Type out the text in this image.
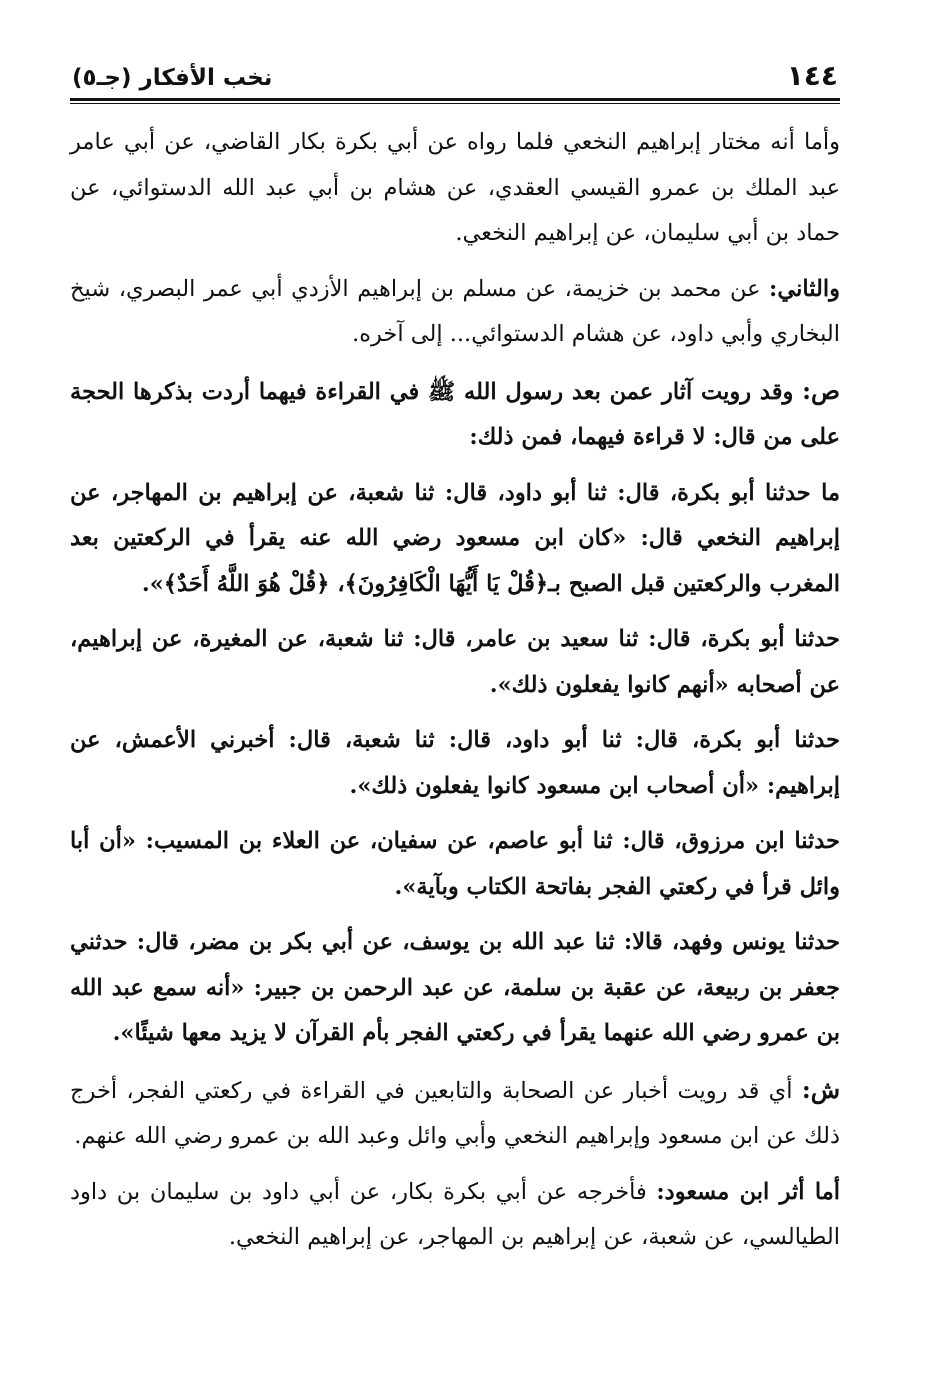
١٤٤
نخب الأفكار (جـ٥)

وأما أنه مختار إبراهيم النخعي فلما رواه عن أبي بكرة بكار القاضي، عن أبي عامر عبد الملك بن عمرو القيسي العقدي، عن هشام بن أبي عبد الله الدستوائي، عن حماد بن أبي سليمان، عن إبراهيم النخعي.

والثاني: عن محمد بن خزيمة، عن مسلم بن إبراهيم الأزدي أبي عمر البصري، شيخ البخاري وأبي داود، عن هشام الدستوائي... إلى آخره.

ص: وقد رويت آثار عمن بعد رسول الله ﷺ في القراءة فيهما أردت بذكرها الحجة على من قال: لا قراءة فيهما، فمن ذلك:

ما حدثنا أبو بكرة، قال: ثنا أبو داود، قال: ثنا شعبة، عن إبراهيم بن المهاجر، عن إبراهيم النخعي قال: «كان ابن مسعود رضي الله عنه يقرأ في الركعتين بعد المغرب والركعتين قبل الصبح بـ﴿قُلْ يَا أَيُّهَا الْكَافِرُونَ﴾، ﴿قُلْ هُوَ اللَّهُ أَحَدٌ﴾».

حدثنا أبو بكرة، قال: ثنا سعيد بن عامر، قال: ثنا شعبة، عن المغيرة، عن إبراهيم، عن أصحابه «أنهم كانوا يفعلون ذلك».

حدثنا أبو بكرة، قال: ثنا أبو داود، قال: ثنا شعبة، قال: أخبرني الأعمش، عن إبراهيم: «أن أصحاب ابن مسعود كانوا يفعلون ذلك».

حدثنا ابن مرزوق، قال: ثنا أبو عاصم، عن سفيان، عن العلاء بن المسيب: «أن أبا وائل قرأ في ركعتي الفجر بفاتحة الكتاب وبآية».

حدثنا يونس وفهد، قالا: ثنا عبد الله بن يوسف، عن أبي بكر بن مضر، قال: حدثني جعفر بن ربيعة، عن عقبة بن سلمة، عن عبد الرحمن بن جبير: «أنه سمع عبد الله بن عمرو رضي الله عنهما يقرأ في ركعتي الفجر بأم القرآن لا يزيد معها شيئًا».

ش: أي قد رويت أخبار عن الصحابة والتابعين في القراءة في ركعتي الفجر، أخرج ذلك عن ابن مسعود وإبراهيم النخعي وأبي وائل وعبد الله بن عمرو رضي الله عنهم.

أما أثر ابن مسعود: فأخرجه عن أبي بكرة بكار، عن أبي داود بن سليمان بن داود الطيالسي، عن شعبة، عن إبراهيم بن المهاجر، عن إبراهيم النخعي.
